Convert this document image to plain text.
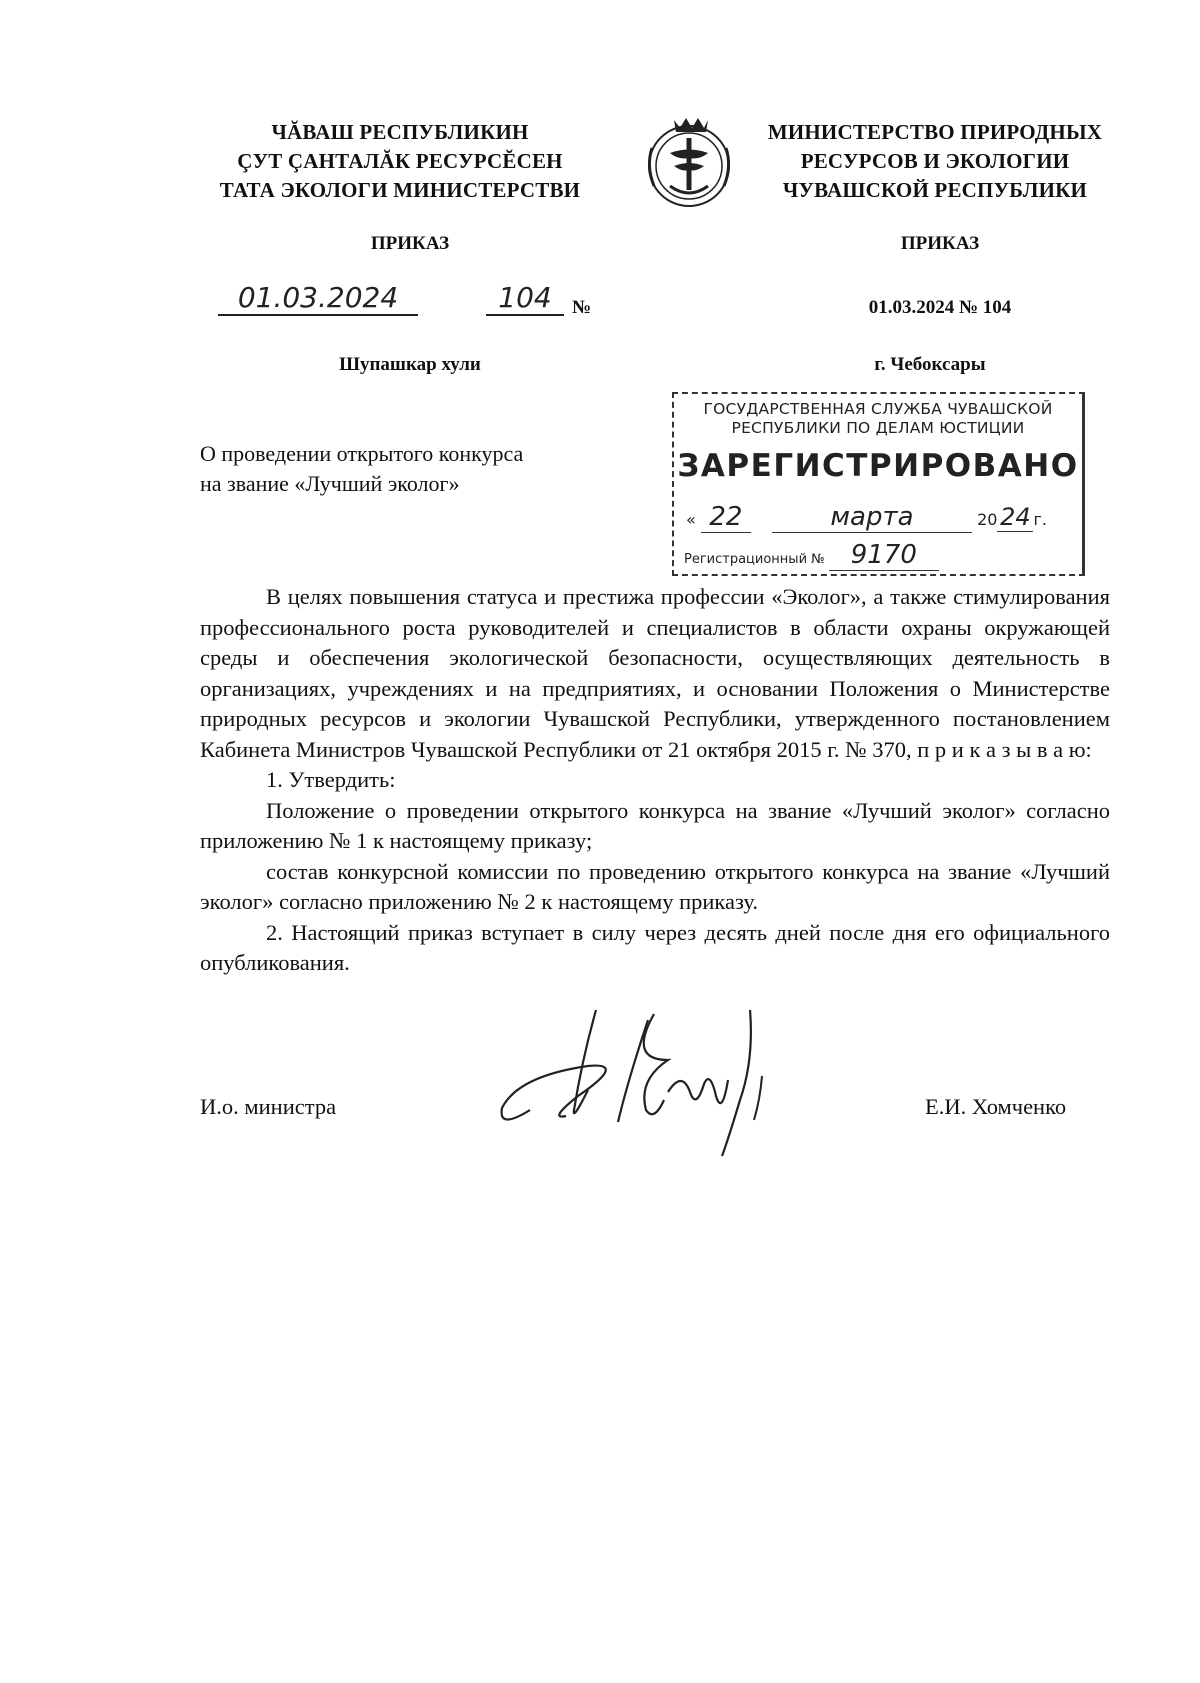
ЧĂВАШ РЕСПУБЛИКИН
ÇУТ ÇАНТАЛĂК РЕСУРСĔСЕН
ТАТА ЭКОЛОГИ МИНИСТЕРСТВИ
МИНИСТЕРСТВО ПРИРОДНЫХ
РЕСУРСОВ И ЭКОЛОГИИ
ЧУВАШСКОЙ РЕСПУБЛИКИ
ПРИКАЗ	ПРИКАЗ
01.03.2024	104	№	01.03.2024 № 104
Шупашкар хули	г. Чебоксары
ГОСУДАРСТВЕННАЯ СЛУЖБА ЧУВАШСКОЙ
РЕСПУБЛИКИ ПО ДЕЛАМ ЮСТИЦИИ
ЗАРЕГИСТРИРОВАНО
« 22	марта	20 24 г.
Регистрационный № 9170
О проведении открытого конкурса
на звание «Лучший эколог»

В целях повышения статуса и престижа профессии «Эколог», а также стимулирования профессионального роста руководителей и специалистов в области охраны окружающей среды и обеспечения экологической безопасности, осуществляющих деятельность в организациях, учреждениях и на предприятиях, и основании Положения о Министерстве природных ресурсов и экологии Чувашской Республики, утвержденного постановлением Кабинета Министров Чувашской Республики от 21 октября 2015 г. № 370, п р и к а з ы в а ю:

1. Утвердить:

Положение о проведении открытого конкурса на звание «Лучший эколог» согласно приложению № 1 к настоящему приказу;

состав конкурсной комиссии по проведению открытого конкурса на звание «Лучший эколог» согласно приложению № 2 к настоящему приказу.

2. Настоящий приказ вступает в силу через десять дней после дня его официального опубликования.

И.о. министра	Е.И. Хомченко
